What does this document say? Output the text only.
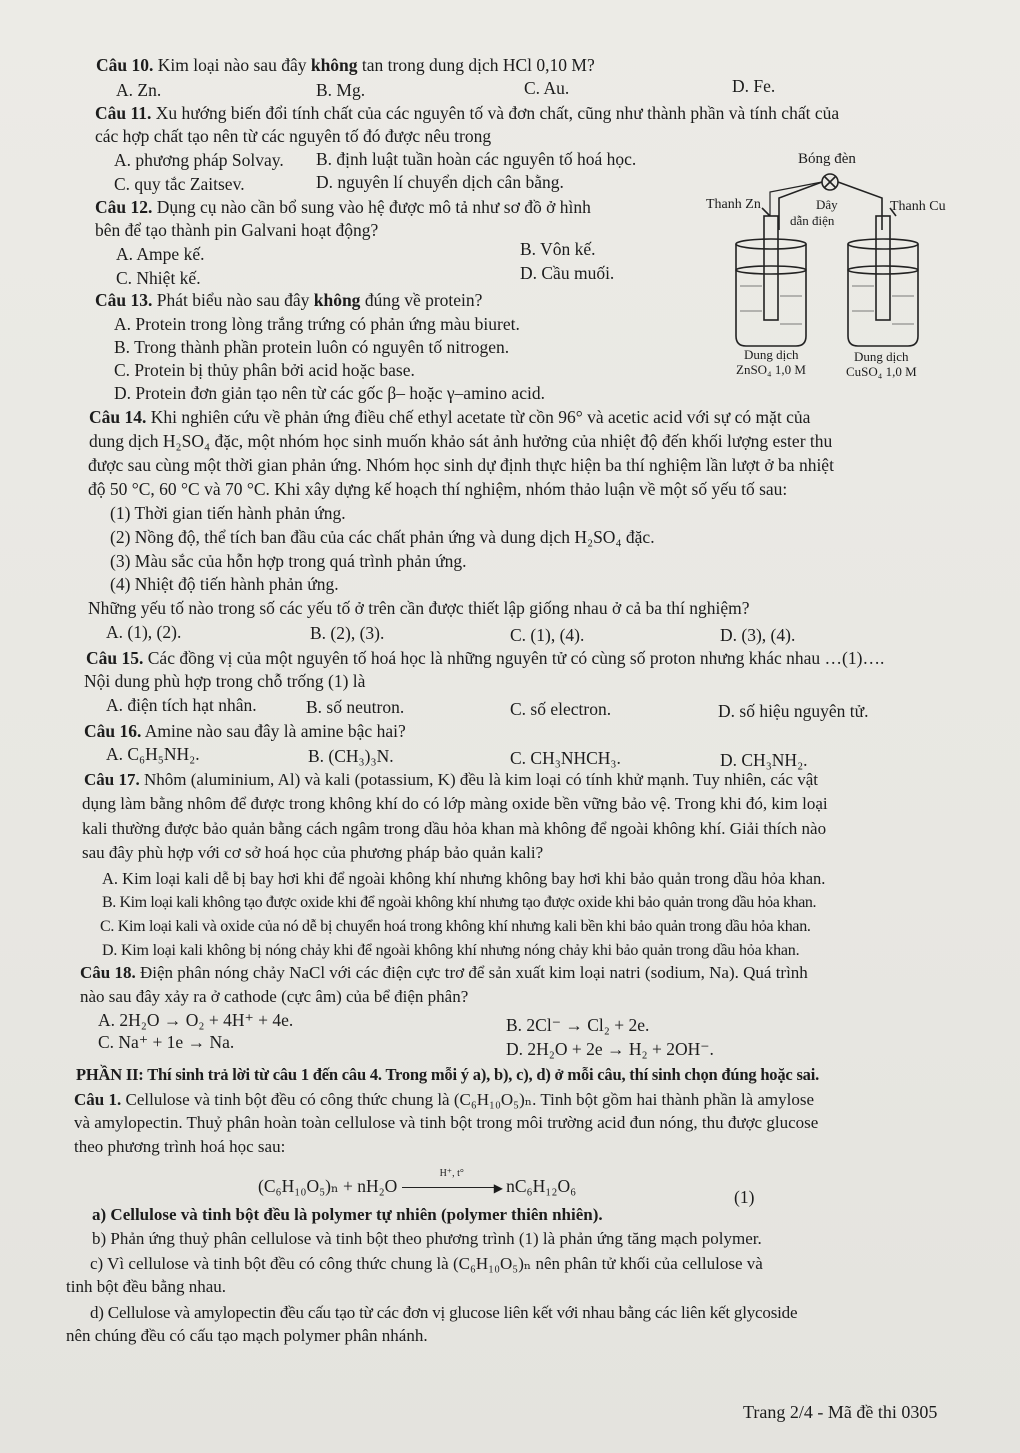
Câu 10. Kim loại nào sau đây không tan trong dung dịch HCl 0,10 M?
A. Zn.	B. Mg.	C. Au.	D. Fe.
Câu 11. Xu hướng biến đổi tính chất của các nguyên tố và đơn chất, cũng như thành phần và tính chất của
các hợp chất tạo nên từ các nguyên tố đó được nêu trong
A. phương pháp Solvay. B. định luật tuần hoàn các nguyên tố hoá học.
C. quy tắc Zaitsev.	D. nguyên lí chuyển dịch cân bằng.
Câu 12. Dụng cụ nào cần bổ sung vào hệ được mô tả như sơ đồ ở hình
bên để tạo thành pin Galvani hoạt động?
A. Ampe kế.	B. Vôn kế.
C. Nhiệt kế.	D. Cầu muối.
Bóng đèn
Thanh Zn	Thanh Cu
Dây
dẫn điện
Dung dịch
ZnSO₄ 1,0 M
Dung dịch
CuSO₄ 1,0 M
Câu 13. Phát biểu nào sau đây không đúng về protein?
A. Protein trong lòng trắng trứng có phản ứng màu biuret.
B. Trong thành phần protein luôn có nguyên tố nitrogen.
C. Protein bị thủy phân bởi acid hoặc base.
D. Protein đơn giản tạo nên từ các gốc β– hoặc γ–amino acid.
Câu 14. Khi nghiên cứu về phản ứng điều chế ethyl acetate từ cồn 96° và acetic acid với sự có mặt của
dung dịch H₂SO₄ đặc, một nhóm học sinh muốn khảo sát ảnh hưởng của nhiệt độ đến khối lượng ester thu
được sau cùng một thời gian phản ứng. Nhóm học sinh dự định thực hiện ba thí nghiệm lần lượt ở ba nhiệt
độ 50 °C, 60 °C và 70 °C. Khi xây dựng kế hoạch thí nghiệm, nhóm thảo luận về một số yếu tố sau:
(1) Thời gian tiến hành phản ứng.
(2) Nồng độ, thể tích ban đầu của các chất phản ứng và dung dịch H₂SO₄ đặc.
(3) Màu sắc của hỗn hợp trong quá trình phản ứng.
(4) Nhiệt độ tiến hành phản ứng.
Những yếu tố nào trong số các yếu tố ở trên cần được thiết lập giống nhau ở cả ba thí nghiệm?
A. (1), (2).	B. (2), (3).	C. (1), (4).	D. (3), (4).
Câu 15. Các đồng vị của một nguyên tố hoá học là những nguyên tử có cùng số proton nhưng khác nhau …(1)….
Nội dung phù hợp trong chỗ trống (1) là
A. điện tích hạt nhân.	B. số neutron.	C. số electron.	D. số hiệu nguyên tử.
Câu 16. Amine nào sau đây là amine bậc hai?
A. C₆H₅NH₂.	B. (CH₃)₃N.	C. CH₃NHCH₃.	D. CH₃NH₂.
Câu 17. Nhôm (aluminium, Al) và kali (potassium, K) đều là kim loại có tính khử mạnh. Tuy nhiên, các vật
dụng làm bằng nhôm để được trong không khí do có lớp màng oxide bền vững bảo vệ. Trong khi đó, kim loại
kali thường được bảo quản bằng cách ngâm trong dầu hỏa khan mà không để ngoài không khí. Giải thích nào
sau đây phù hợp với cơ sở hoá học của phương pháp bảo quản kali?
A. Kim loại kali dễ bị bay hơi khi để ngoài không khí nhưng không bay hơi khi bảo quản trong dầu hỏa khan.
B. Kim loại kali không tạo được oxide khi để ngoài không khí nhưng tạo được oxide khi bảo quản trong dầu hỏa khan.
C. Kim loại kali và oxide của nó dễ bị chuyển hoá trong không khí nhưng kali bền khi bảo quản trong dầu hỏa khan.
D. Kim loại kali không bị nóng chảy khi để ngoài không khí nhưng nóng chảy khi bảo quản trong dầu hỏa khan.
Câu 18. Điện phân nóng chảy NaCl với các điện cực trơ để sản xuất kim loại natri (sodium, Na). Quá trình
nào sau đây xảy ra ở cathode (cực âm) của bể điện phân?
A. 2H₂O → O₂ + 4H⁺ + 4e.	B. 2Cl⁻ → Cl₂ + 2e.
C. Na⁺ + 1e → Na.	D. 2H₂O + 2e → H₂ + 2OH⁻.
PHẦN II: Thí sinh trả lời từ câu 1 đến câu 4. Trong mỗi ý a), b), c), d) ở mỗi câu, thí sinh chọn đúng hoặc sai.
Câu 1. Cellulose và tinh bột đều có công thức chung là (C₆H₁₀O₅)ₙ. Tinh bột gồm hai thành phần là amylose
và amylopectin. Thuỷ phân hoàn toàn cellulose và tinh bột trong môi trường acid đun nóng, thu được glucose
theo phương trình hoá học sau:
(C₆H₁₀O₅)ₙ + nH₂O
H⁺, t°
▶ nC₆H₁₂O₆
(1)
a) Cellulose và tinh bột đều là polymer tự nhiên (polymer thiên nhiên).
b) Phản ứng thuỷ phân cellulose và tinh bột theo phương trình (1) là phản ứng tăng mạch polymer.
c) Vì cellulose và tinh bột đều có công thức chung là (C₆H₁₀O₅)ₙ nên phân tử khối của cellulose và
tinh bột đều bằng nhau.
d) Cellulose và amylopectin đều cấu tạo từ các đơn vị glucose liên kết với nhau bằng các liên kết glycoside
nên chúng đều có cấu tạo mạch polymer phân nhánh.
Trang 2/4 - Mã đề thi 0305
